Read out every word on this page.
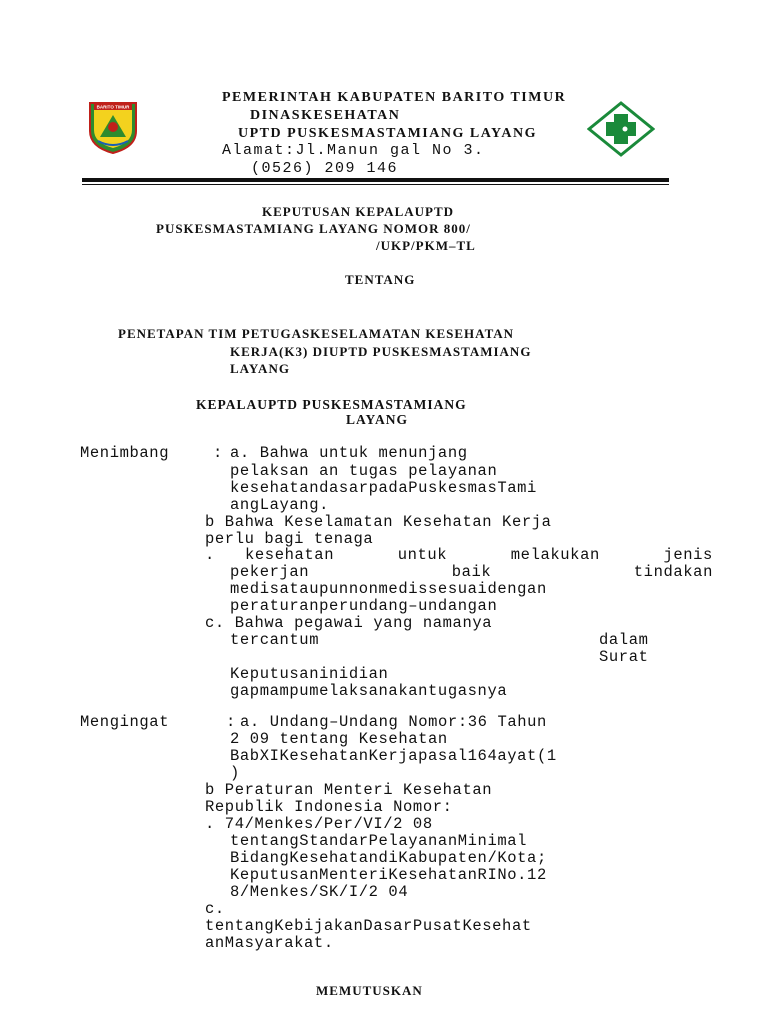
BARITO TIMUR
PEMERINTAH KABUPATEN BARITO TIMUR
DINASKESEHATAN
UPTD PUSKESMASTAMIANG LAYANG
Alamat:Jl.Manun gal No 3.
(0526) 209 146
KEPUTUSAN KEPALAUPTD
PUSKESMASTAMIANG LAYANG NOMOR 800/
/UKP/PKM–TL
TENTANG
PENETAPAN TIM PETUGASKESELAMATAN KESEHATAN
KERJA(K3) DIUPTD PUSKESMASTAMIANG
LAYANG
KEPALAUPTD PUSKESMASTAMIANG
LAYANG
Menimbang	: a. Bahwa untuk menunjang
pelaksan an tugas pelayanan
kesehatandasarpadaPuskesmasTami
angLayang.
b Bahwa Keselamatan Kesehatan Kerja
perlu bagi tenaga
. kesehatan	untuk	melakukan	jenis
pekerjan	baik	tindakan
medisataupunnonmedissesuaidengan
peraturanperundang–undangan
c. Bahwa pegawai yang namanya
tercantum	dalam
Surat
Keputusaninidian
gapmampumelaksanakantugasnya
Mengingat	: a. Undang–Undang Nomor:36 Tahun
2 09 tentang Kesehatan
BabXIKesehatanKerjapasal164ayat(1
)
b Peraturan Menteri Kesehatan
Republik Indonesia Nomor:
. 74/Menkes/Per/VI/2 08
tentangStandarPelayananMinimal
BidangKesehatandiKabupaten/Kota;
KeputusanMenteriKesehatanRINo.12
8/Menkes/SK/I/2 04
c.
tentangKebijakanDasarPusatKesehat
anMasyarakat.
MEMUTUSKAN
